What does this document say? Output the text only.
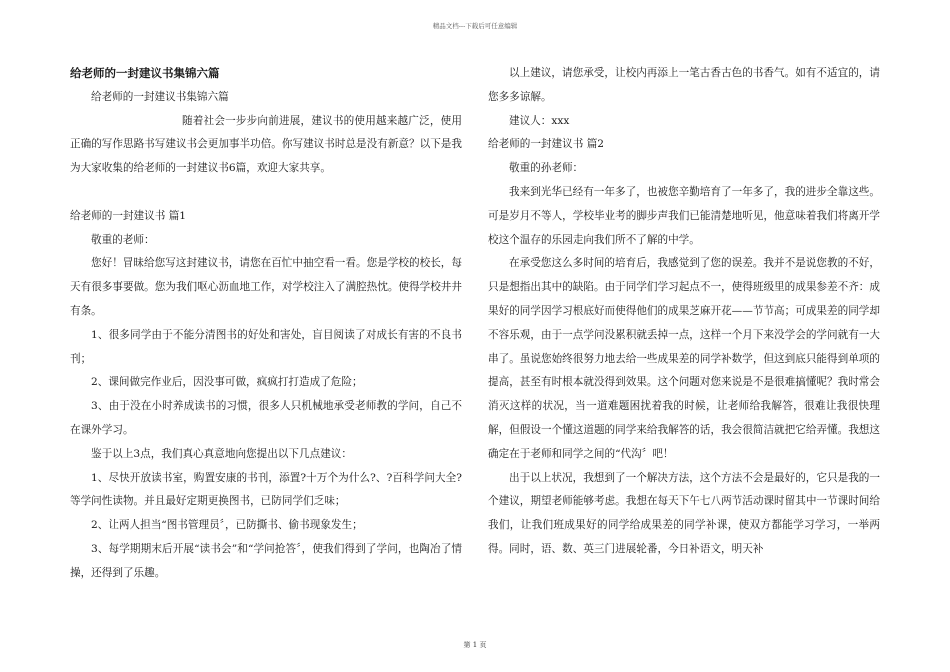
精品文档---下载后可任意编辑

给老师的一封建议书集锦六篇

给老师的一封建议书集锦六篇

随着社会一步步向前进展，建议书的使用越来越广泛，使用正确的写作思路书写建议书会更加事半功倍。你写建议书时总是没有新意？以下是我为大家收集的给老师的一封建议书6篇，欢迎大家共享。

给老师的一封建议书 篇1

敬重的老师：

您好！冒昧给您写这封建议书，请您在百忙中抽空看一看。您是学校的校长，每天有很多事要做。您为我们呕心沥血地工作，对学校注入了满腔热忱。使得学校井井有条。

1、很多同学由于不能分清图书的好处和害处，盲目阅读了对成长有害的不良书刊；

2、课间做完作业后，因没事可做，疯疯打打造成了危险；

3、由于没在小时养成读书的习惯，很多人只机械地承受老师教的学问，自己不在课外学习。

鉴于以上3点，我们真心真意地向您提出以下几点建议：

1、尽快开放读书室，购置安康的书刊，添置?十万个为什么?、?百科学问大全?等学问性读物。并且最好定期更换图书，已防同学们乏味；

2、让两人担当“图书管理员〞，已防撕书、偷书现象发生；

3、每学期期末后开展“读书会”和“学问抢答〞，使我们得到了学问，也陶冶了情操，还得到了乐趣。

以上建议，请您承受，让校内再添上一笔古香古色的书香气。如有不适宜的，请您多多谅解。

建议人：xxx

给老师的一封建议书 篇2

敬重的孙老师：

我来到光华已经有一年多了，也被您辛勤培育了一年多了，我的进步全靠这些。可是岁月不等人，学校毕业考的脚步声我们已能清楚地听见，他意味着我们将离开学校这个温存的乐园走向我们所不了解的中学。

在承受您这么多时间的培育后，我感觉到了您的误差。我并不是说您教的不好，只是想指出其中的缺陷。由于同学们学习起点不一，使得班级里的成果参差不齐：成果好的同学因学习根底好而使得他们的成果芝麻开花——节节高；可成果差的同学却不容乐观，由于一点学问没累积就丢掉一点，这样一个月下来没学会的学问就有一大串了。虽说您始终很努力地去给一些成果差的同学补数学，但这到底只能得到单项的提高，甚至有时根本就没得到效果。这个问题对您来说是不是很难搞懂呢？我时常会消灭这样的状况，当一道难题困扰着我的时候，让老师给我解答，很难让我很快理解，但假设一个懂这道题的同学来给我解答的话，我会很简洁就把它给弄懂。我想这确定在于老师和同学之间的“代沟〞吧！

出于以上状况，我想到了一个解决方法，这个方法不会是最好的，它只是我的一个建议，期望老师能够考虑。我想在每天下午七八两节活动课时留其中一节课时间给我们，让我们班成果好的同学给成果差的同学补课，使双方都能学习学习，一举两得。同时，语、数、英三门进展轮番，今日补语文，明天补

第 1 页
